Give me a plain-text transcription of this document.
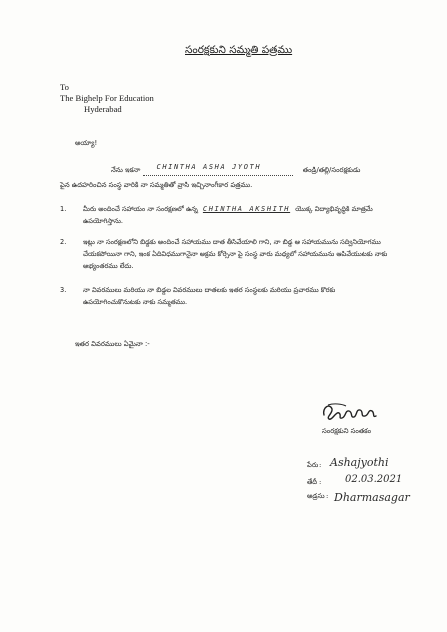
సంరక్షకుని సమ్మతి పత్రము
To
The Bighelp For Education
Hyderabad
అయ్యా!
నేను ఇకనా CHINTHA ASHA JYOTH	తండ్రి/తల్లి/సంరక్షకుడు
పైన ఉదహరించిన సంస్థ వారికి నా సమ్మతితో వ్రాసి ఇచ్చినాంగీకార పత్రము.
1.	మీరు అందించే సహాయం నా సంరక్షణలో ఉన్న CHINTHA AKSHITH యొక్క విద్యాభివృద్ధికి మాత్రమే ఉపయోగిస్తాను.
2.	ఇట్లు నా సంరక్షణలోని బిడ్డకు అందించే సహాయము దాత తీసివేయాలి గాని, నా బిడ్డ ఆ సహాయమును సద్వినియోగము చేయకపోయినా గాని, ఇంక ఏదివిధముగానైనా అక్రమ కోర్సెనా పై సంస్థ వారు మధ్యలో సహాయమును ఆపివేయుటకు నాకు అభ్యంతరము లేదు.
3.	నా వివరములు మరియు నా బిడ్డల వివరములు దాతలకు ఇతర సంస్థలకు మరియు ప్రచారము కొరకు ఉపయోగించుకొనుటకు నాకు సమ్మతము.
ఇతర వివరములు ఏమైనా :-
సంరక్షకుని సంతకం
పేరు : Ashajyothi
తేదీ : 02.03.2021
అడ్రసు : Dharmasagar
